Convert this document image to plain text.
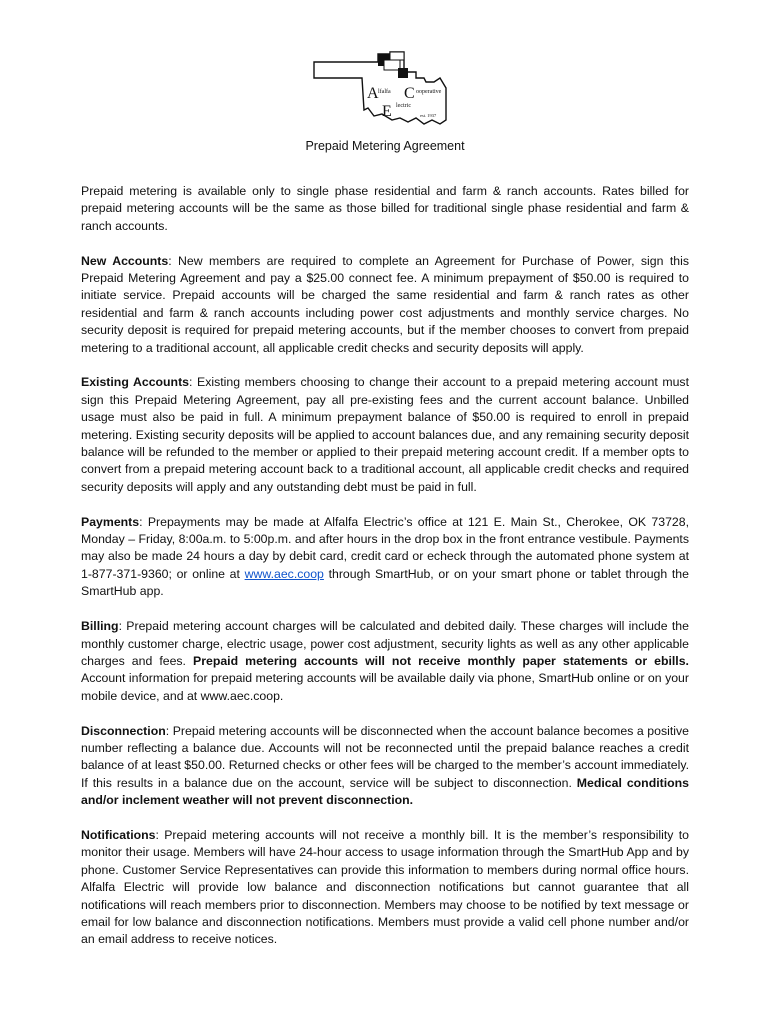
A lfalfa C ooperative
E lectric
est. 1937
Prepaid Metering Agreement

Prepaid metering is available only to single phase residential and farm & ranch accounts. Rates billed for prepaid metering accounts will be the same as those billed for traditional single phase residential and farm & ranch accounts.

New Accounts: New members are required to complete an Agreement for Purchase of Power, sign this Prepaid Metering Agreement and pay a $25.00 connect fee. A minimum prepayment of $50.00 is required to initiate service. Prepaid accounts will be charged the same residential and farm & ranch rates as other residential and farm & ranch accounts including power cost adjustments and monthly service charges. No security deposit is required for prepaid metering accounts, but if the member chooses to convert from prepaid metering to a traditional account, all applicable credit checks and security deposits will apply.

Existing Accounts: Existing members choosing to change their account to a prepaid metering account must sign this Prepaid Metering Agreement, pay all pre-existing fees and the current account balance. Unbilled usage must also be paid in full. A minimum prepayment balance of $50.00 is required to enroll in prepaid metering. Existing security deposits will be applied to account balances due, and any remaining security deposit balance will be refunded to the member or applied to their prepaid metering account credit. If a member opts to convert from a prepaid metering account back to a traditional account, all applicable credit checks and required security deposits will apply and any outstanding debt must be paid in full.

Payments: Prepayments may be made at Alfalfa Electric’s office at 121 E. Main St., Cherokee, OK 73728, Monday – Friday, 8:00a.m. to 5:00p.m. and after hours in the drop box in the front entrance vestibule. Payments may also be made 24 hours a day by debit card, credit card or echeck through the automated phone system at 1-877-371-9360; or online at www.aec.coop through SmartHub, or on your smart phone or tablet through the SmartHub app.

Billing: Prepaid metering account charges will be calculated and debited daily. These charges will include the monthly customer charge, electric usage, power cost adjustment, security lights as well as any other applicable charges and fees. Prepaid metering accounts will not receive monthly paper statements or ebills. Account information for prepaid metering accounts will be available daily via phone, SmartHub online or on your mobile device, and at www.aec.coop.

Disconnection: Prepaid metering accounts will be disconnected when the account balance becomes a positive number reflecting a balance due. Accounts will not be reconnected until the prepaid balance reaches a credit balance of at least $50.00. Returned checks or other fees will be charged to the member’s account immediately. If this results in a balance due on the account, service will be subject to disconnection. Medical conditions and/or inclement weather will not prevent disconnection.

Notifications: Prepaid metering accounts will not receive a monthly bill. It is the member’s responsibility to monitor their usage. Members will have 24-hour access to usage information through the SmartHub App and by phone. Customer Service Representatives can provide this information to members during normal office hours. Alfalfa Electric will provide low balance and disconnection notifications but cannot guarantee that all notifications will reach members prior to disconnection. Members may choose to be notified by text message or email for low balance and disconnection notifications. Members must provide a valid cell phone number and/or an email address to receive notices.
